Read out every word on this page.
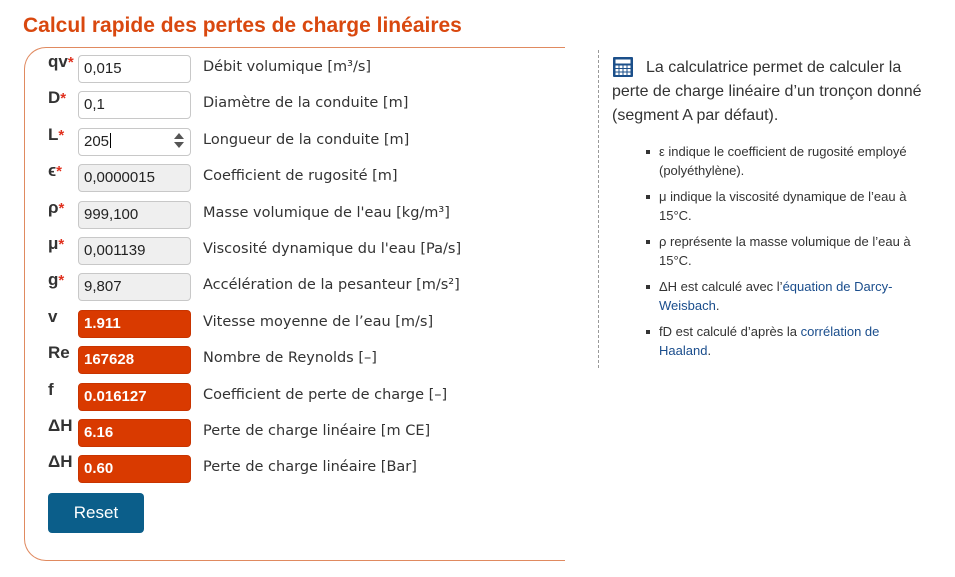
Calcul rapide des pertes de charge linéaires
qv* 0,015	Débit volumique [m³/s]
D*	0,1	Diamètre de la conduite [m]
L*	205	Longueur de la conduite [m]
ϵ*	0,0000015	Coefficient de rugosité [m]
ρ*	999,100	Masse volumique de l'eau [kg/m³]
μ*	0,001139	Viscosité dynamique du l'eau [Pa/s]
g*	9,807	Accélération de la pesanteur [m/s²]
v	1.911	Vitesse moyenne de l’eau [m/s]
Re 167628	Nombre de Reynolds [–]
f	0.016127	Coefficient de perte de charge [–]
ΔH 6.16	Perte de charge linéaire [m CE]
ΔH 0.60	Perte de charge linéaire [Bar]
Reset

La calculatrice permet de calculer la perte de charge linéaire d’un tronçon donné (segment A par défaut).

ε indique le coefficient de rugosité employé (polyéthylène).
μ indique la viscosité dynamique de l’eau à 15°C.
ρ représente la masse volumique de l’eau à 15°C.
ΔH est calculé avec l’équation de Darcy-Weisbach.
fD est calculé d’après la corrélation de Haaland.
